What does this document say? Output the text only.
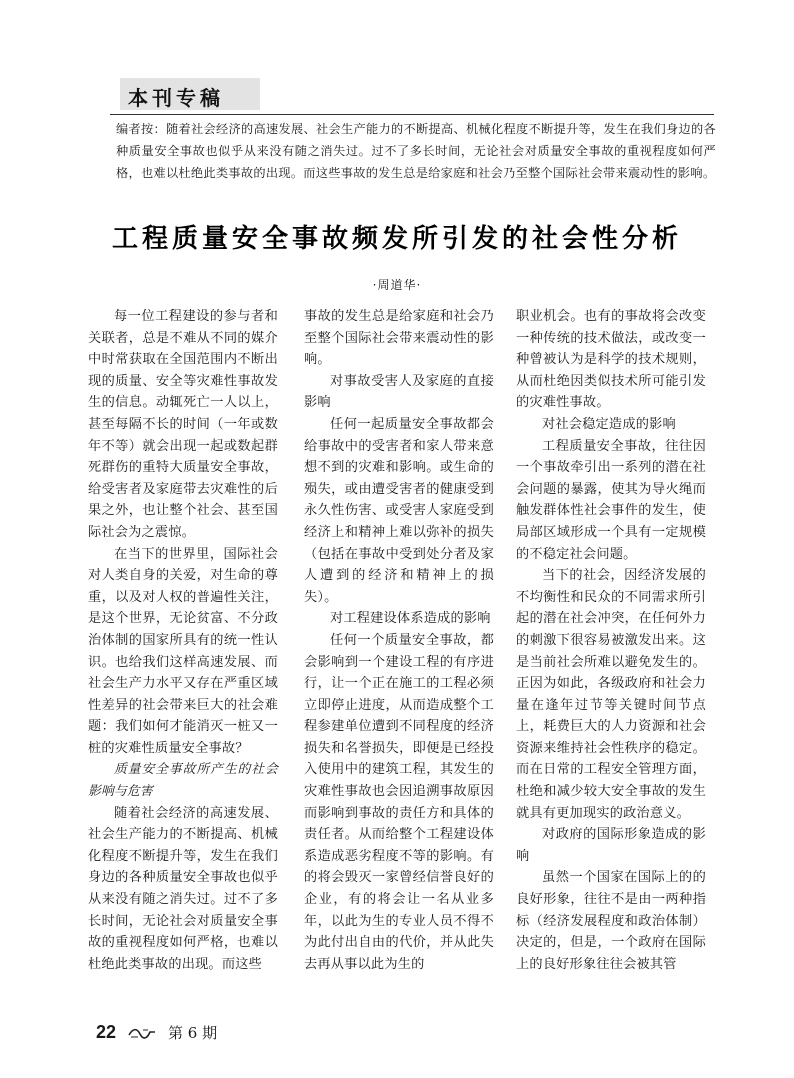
本刊专稿

编者按：随着社会经济的高速发展、社会生产能力的不断提高、机械化程度不断提升等，发生在我们身边的各种质量安全事故也似乎从来没有随之消失过。过不了多长时间，无论社会对质量安全事故的重视程度如何严格，也难以杜绝此类事故的出现。而这些事故的发生总是给家庭和社会乃至整个国际社会带来震动性的影响。

工程质量安全事故频发所引发的社会性分析
·周道华·

每一位工程建设的参与者和关联者，总是不难从不同的媒介中时常获取在全国范围内不断出现的质量、安全等灾难性事故发生的信息。动辄死亡一人以上，甚至每隔不长的时间（一年或数年不等）就会出现一起或数起群死群伤的重特大质量安全事故，给受害者及家庭带去灾难性的后果之外，也让整个社会、甚至国际社会为之震惊。

在当下的世界里，国际社会对人类自身的关爱，对生命的尊重，以及对人权的普遍性关注，是这个世界，无论贫富、不分政治体制的国家所具有的统一性认识。也给我们这样高速发展、而社会生产力水平又存在严重区域性差异的社会带来巨大的社会难题：我们如何才能消灭一桩又一桩的灾难性质量安全事故？

质量安全事故所产生的社会影响与危害

随着社会经济的高速发展、社会生产能力的不断提高、机械化程度不断提升等，发生在我们身边的各种质量安全事故也似乎从来没有随之消失过。过不了多长时间，无论社会对质量安全事故的重视程度如何严格，也难以杜绝此类事故的出现。而这些

事故的发生总是给家庭和社会乃至整个国际社会带来震动性的影响。

对事故受害人及家庭的直接影响

任何一起质量安全事故都会给事故中的受害者和家人带来意想不到的灾难和影响。或生命的殒失，或由遭受害者的健康受到永久性伤害、或受害人家庭受到经济上和精神上难以弥补的损失（包括在事故中受到处分者及家人遭到的经济和精神上的损失）。

对工程建设体系造成的影响

任何一个质量安全事故，都会影响到一个建设工程的有序进行，让一个正在施工的工程必须立即停止进度，从而造成整个工程参建单位遭到不同程度的经济损失和名誉损失，即便是已经投入使用中的建筑工程，其发生的灾难性事故也会因追溯事故原因而影响到事故的责任方和具体的责任者。从而给整个工程建设体系造成恶劣程度不等的影响。有的将会毁灭一家曾经信誉良好的企业，有的将会让一名从业多年，以此为生的专业人员不得不为此付出自由的代价，并从此失去再从事以此为生的

职业机会。也有的事故将会改变一种传统的技术做法，或改变一种曾被认为是科学的技术规则，从而杜绝因类似技术所可能引发的灾难性事故。

对社会稳定造成的影响

工程质量安全事故，往往因一个事故牵引出一系列的潜在社会问题的暴露，使其为导火绳而触发群体性社会事件的发生，使局部区域形成一个具有一定规模的不稳定社会问题。

当下的社会，因经济发展的不均衡性和民众的不同需求所引起的潜在社会冲突，在任何外力的刺激下很容易被激发出来。这是当前社会所难以避免发生的。正因为如此，各级政府和社会力量在逢年过节等关键时间节点上，耗费巨大的人力资源和社会资源来维持社会性秩序的稳定。而在日常的工程安全管理方面，杜绝和减少较大安全事故的发生就具有更加现实的政治意义。

对政府的国际形象造成的影响

虽然一个国家在国际上的的良好形象，往往不是由一两种指标（经济发展程度和政治体制）决定的，但是，一个政府在国际上的良好形象往往会被其管

22	第 6 期
